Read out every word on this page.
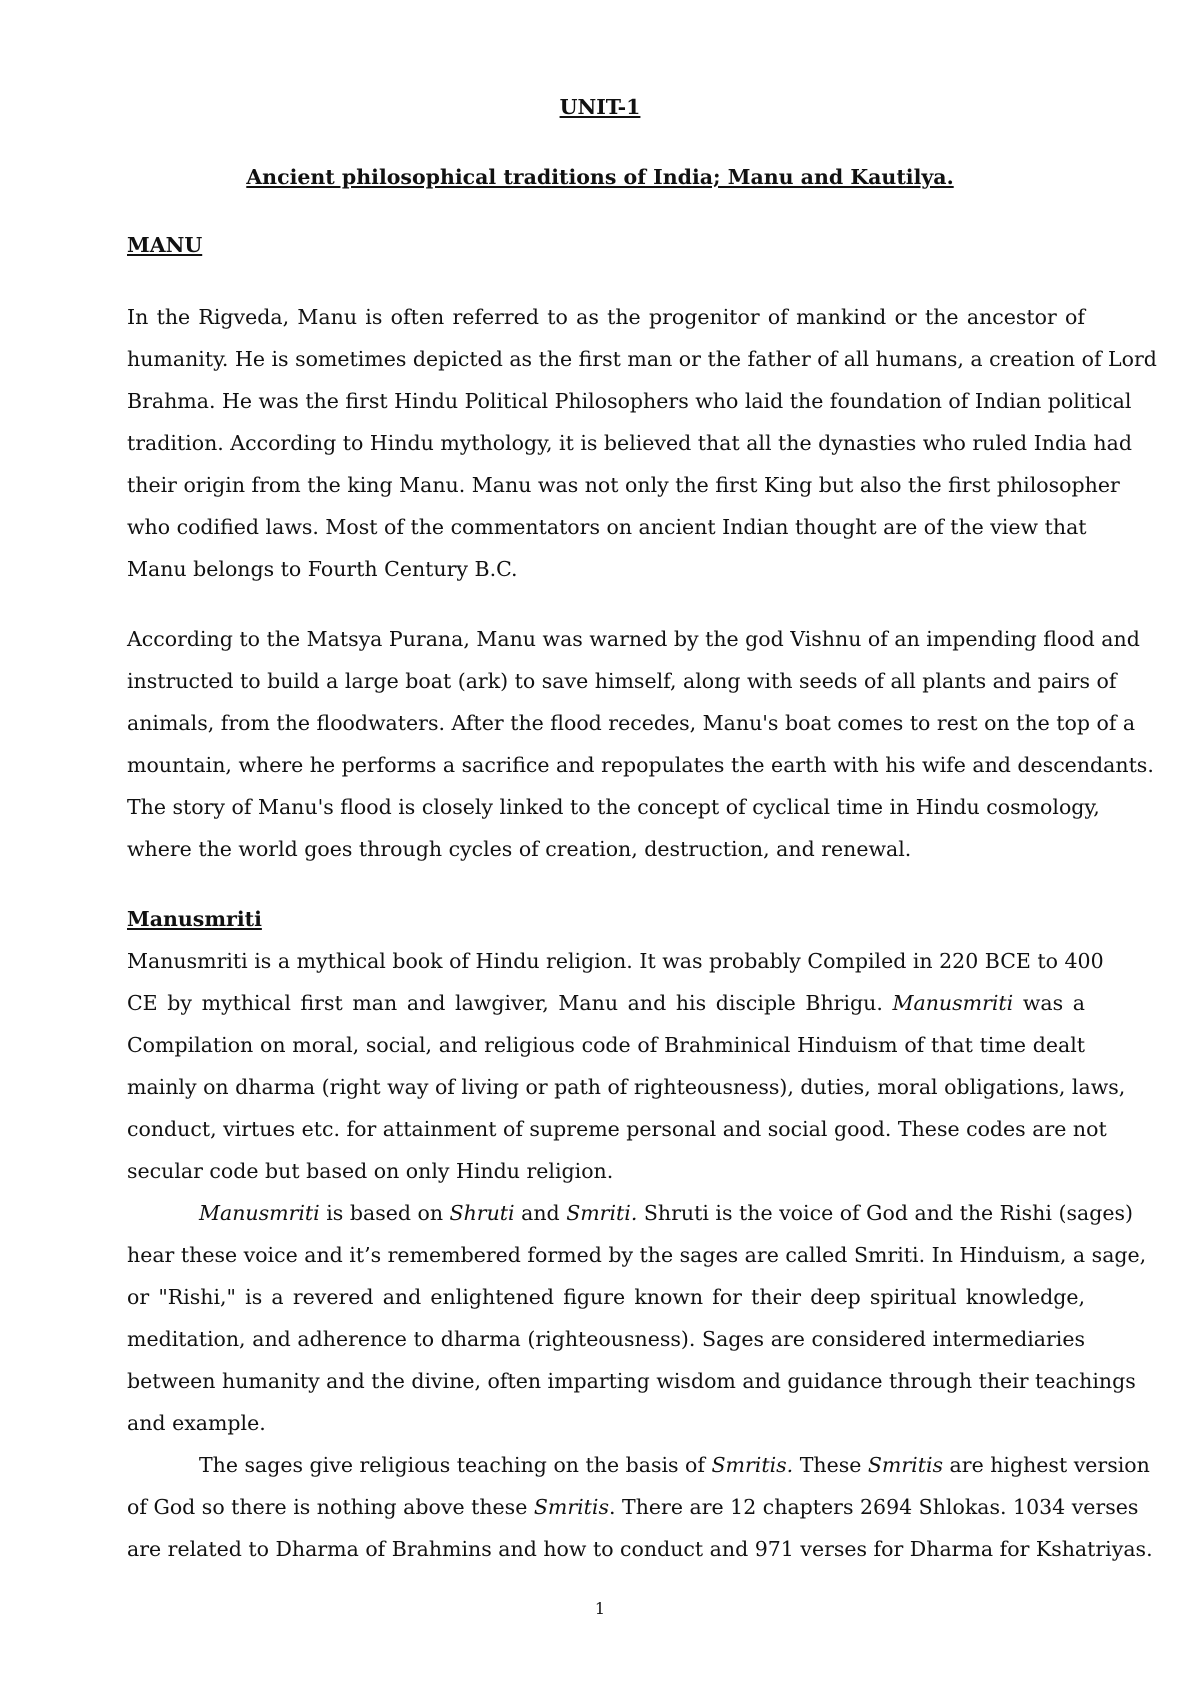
UNIT-1
Ancient philosophical traditions of India; Manu and Kautilya.
MANU
In the Rigveda, Manu is often referred to as the progenitor of mankind or the ancestor of
humanity. He is sometimes depicted as the first man or the father of all humans, a creation of Lord
Brahma. He was the first Hindu Political Philosophers who laid the foundation of Indian political
tradition. According to Hindu mythology, it is believed that all the dynasties who ruled India had
their origin from the king Manu. Manu was not only the first King but also the first philosopher
who codified laws. Most of the commentators on ancient Indian thought are of the view that
Manu belongs to Fourth Century B.C.
According to the Matsya Purana, Manu was warned by the god Vishnu of an impending flood and
instructed to build a large boat (ark) to save himself, along with seeds of all plants and pairs of
animals, from the floodwaters. After the flood recedes, Manu's boat comes to rest on the top of a
mountain, where he performs a sacrifice and repopulates the earth with his wife and descendants.
The story of Manu's flood is closely linked to the concept of cyclical time in Hindu cosmology,
where the world goes through cycles of creation, destruction, and renewal.
Manusmriti
Manusmriti is a mythical book of Hindu religion. It was probably Compiled in 220 BCE to 400
CE by mythical first man and lawgiver, Manu and his disciple Bhrigu. Manusmriti was a
Compilation on moral, social, and religious code of Brahminical Hinduism of that time dealt
mainly on dharma (right way of living or path of righteousness), duties, moral obligations, laws,
conduct, virtues etc. for attainment of supreme personal and social good. These codes are not
secular code but based on only Hindu religion.
Manusmriti is based on Shruti and Smriti. Shruti is the voice of God and the Rishi (sages)
hear these voice and it’s remembered formed by the sages are called Smriti. In Hinduism, a sage,
or "Rishi," is a revered and enlightened figure known for their deep spiritual knowledge,
meditation, and adherence to dharma (righteousness). Sages are considered intermediaries
between humanity and the divine, often imparting wisdom and guidance through their teachings
and example.
The sages give religious teaching on the basis of Smritis. These Smritis are highest version
of God so there is nothing above these Smritis. There are 12 chapters 2694 Shlokas. 1034 verses
are related to Dharma of Brahmins and how to conduct and 971 verses for Dharma for Kshatriyas.
1
